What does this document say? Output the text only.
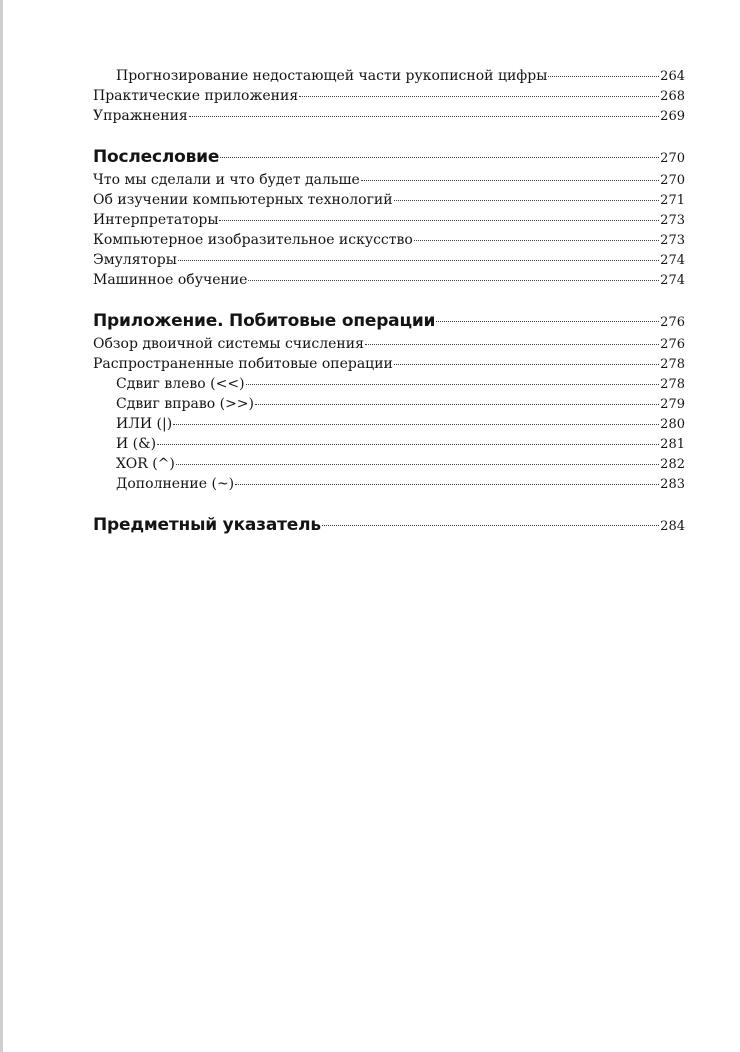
Прогнозирование недостающей части рукописной цифры	264
Практические приложения	268
Упражнения	269
Послесловие	270
Что мы сделали и что будет дальше	270
Об изучении компьютерных технологий	271
Интерпретаторы	273
Компьютерное изобразительное искусство	273
Эмуляторы	274
Машинное обучение	274
Приложение. Побитовые операции	276
Обзор двоичной системы счисления	276
Распространенные побитовые операции	278
Сдвиг влево (<<)	278
Сдвиг вправо (>>)	279
ИЛИ (|)	280
И (&)	281
XOR (^)	282
Дополнение (~)	283
Предметный указатель	284
